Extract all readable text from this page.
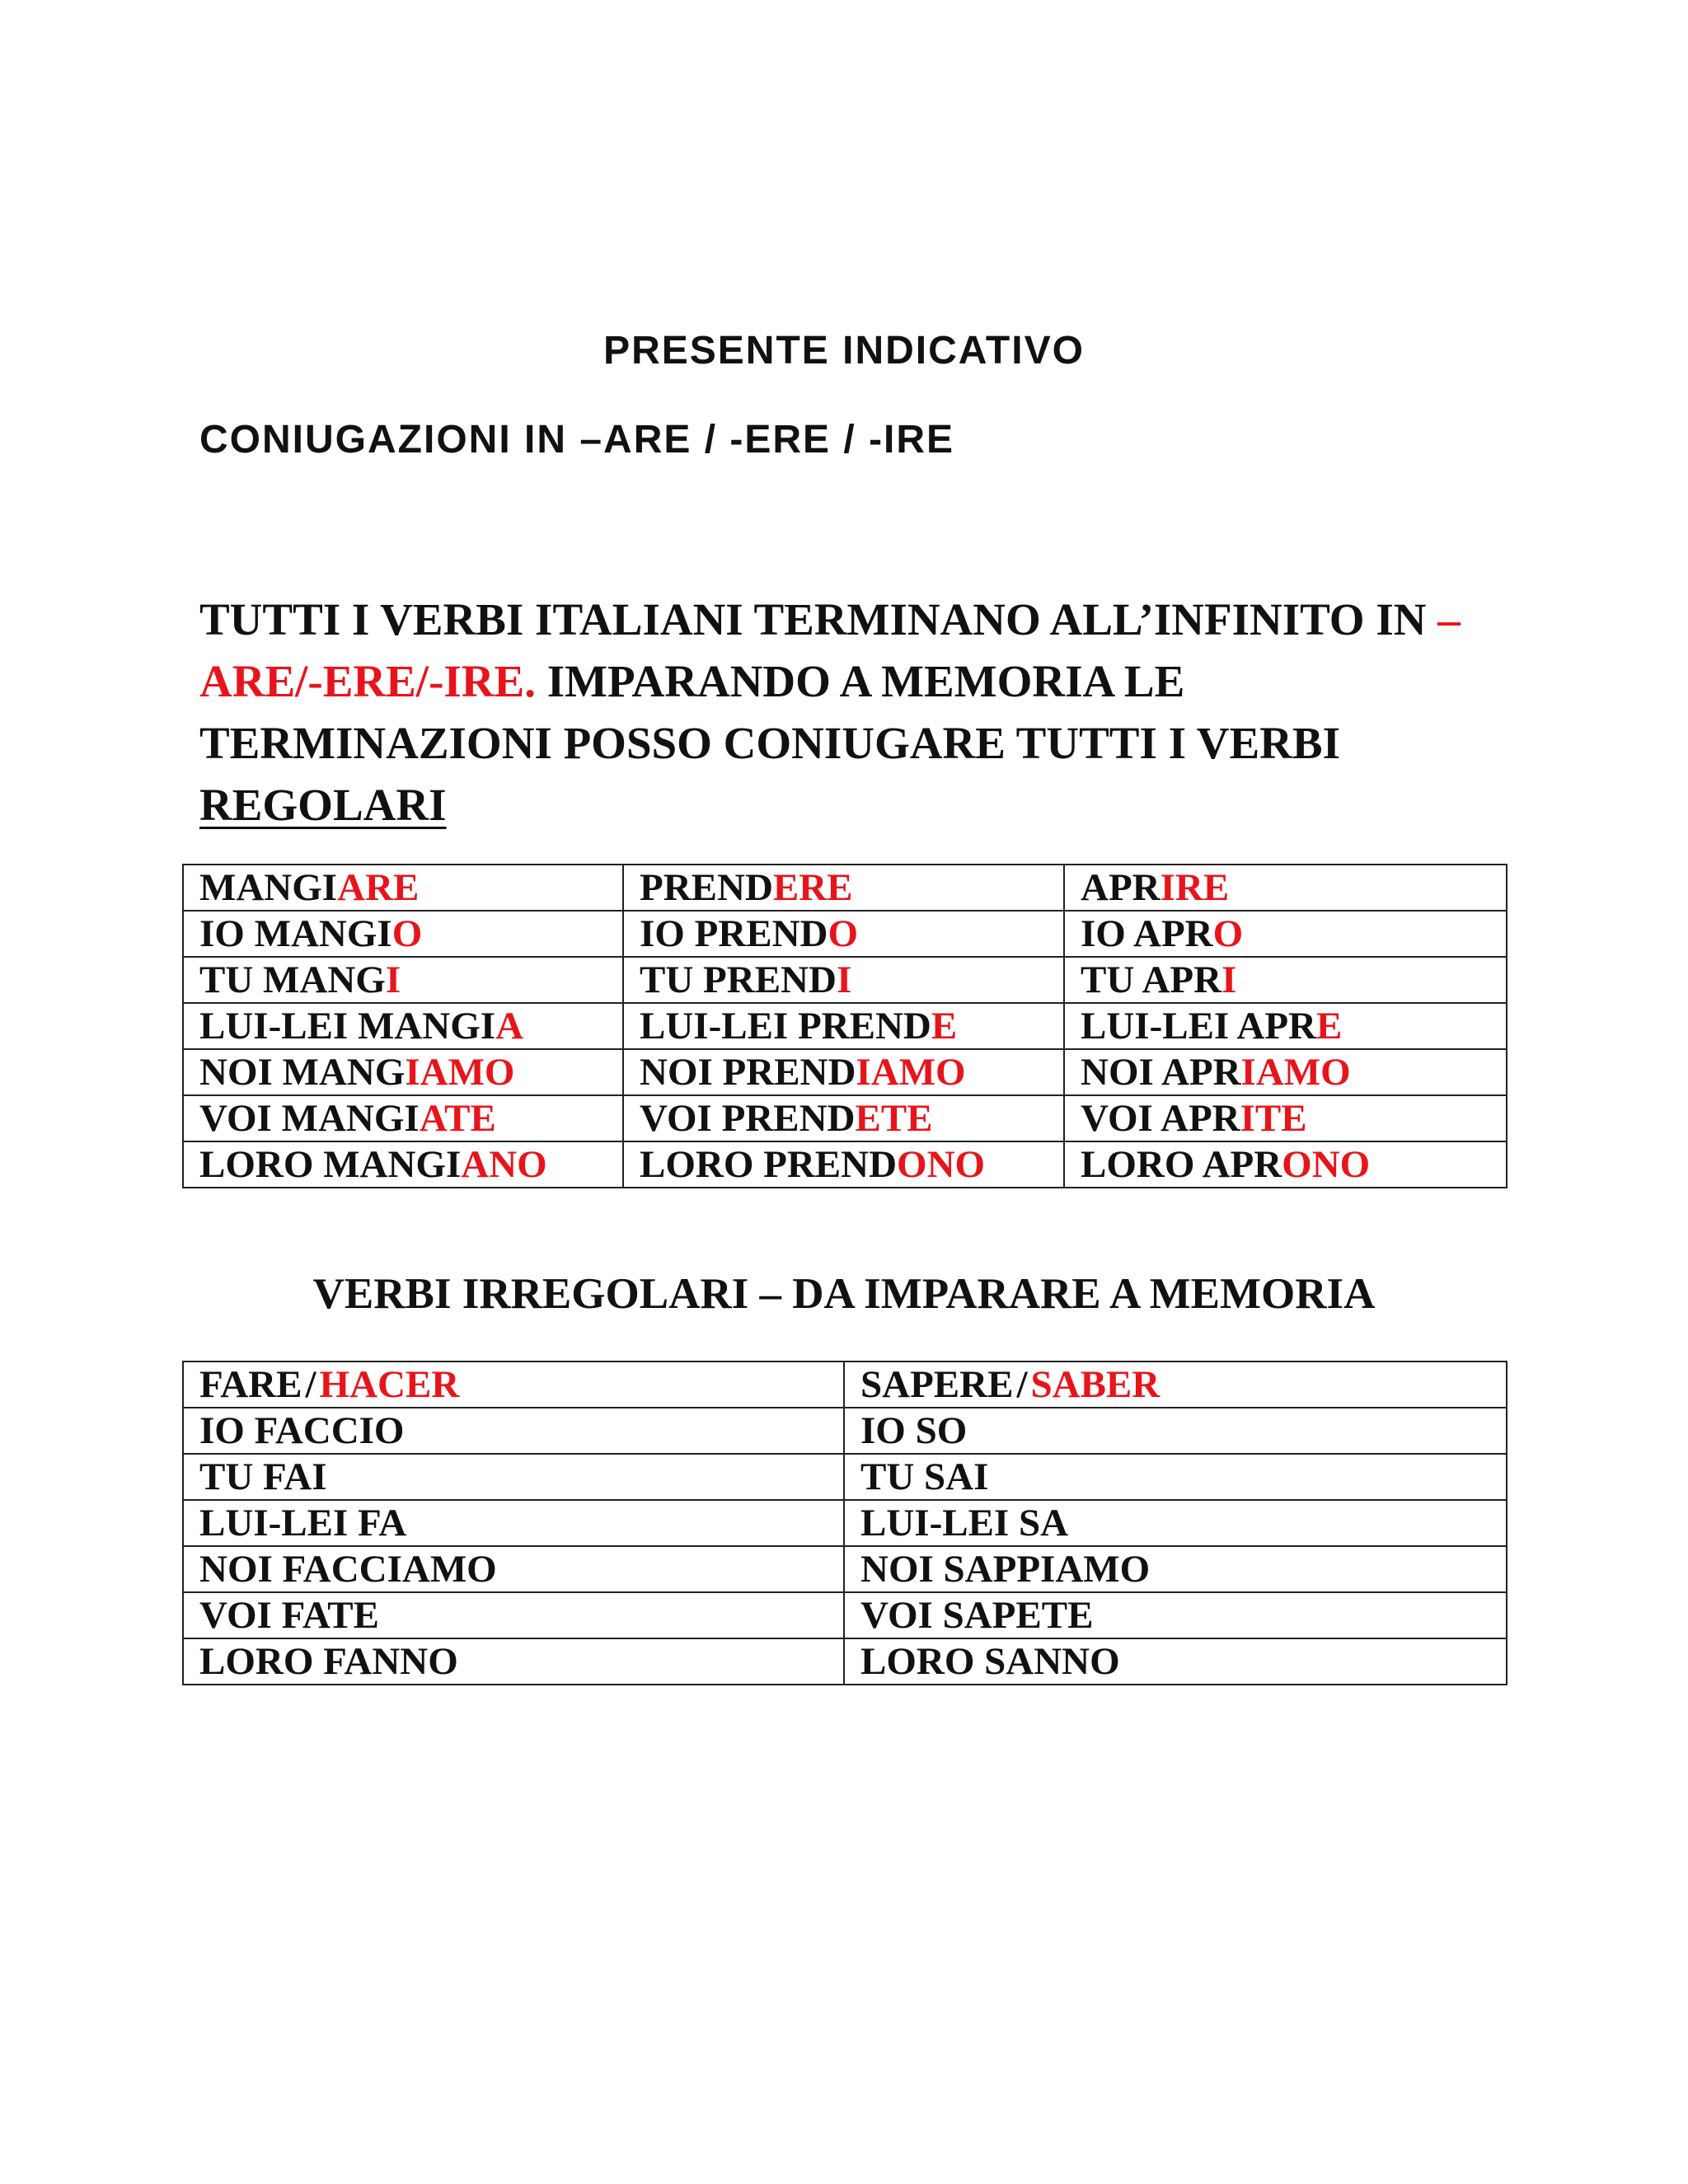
PRESENTE INDICATIVO
CONIUGAZIONI IN –ARE / -ERE / -IRE

TUTTI I VERBI ITALIANI TERMINANO ALL’INFINITO IN –
ARE/-ERE/-IRE. IMPARANDO A MEMORIA LE
TERMINAZIONI POSSO CONIUGARE TUTTI I VERBI
REGOLARI

MANGIARE	PRENDERE	APRIRE
IO MANGIO	IO PRENDO	IO APRO
TU MANGI	TU PRENDI	TU APRI
LUI-LEI MANGIA	LUI-LEI PRENDE	LUI-LEI APRE
NOI MANGIAMO	NOI PRENDIAMO	NOI APRIAMO
VOI MANGIATE	VOI PRENDETE	VOI APRITE
LORO MANGIANO	LORO PRENDONO	LORO APRONO
VERBI IRREGOLARI – DA IMPARARE A MEMORIA
FARE/HACER	SAPERE/SABER
IO FACCIO	IO SO
TU FAI	TU SAI
LUI-LEI FA	LUI-LEI SA
NOI FACCIAMO	NOI SAPPIAMO
VOI FATE	VOI SAPETE
LORO FANNO	LORO SANNO
